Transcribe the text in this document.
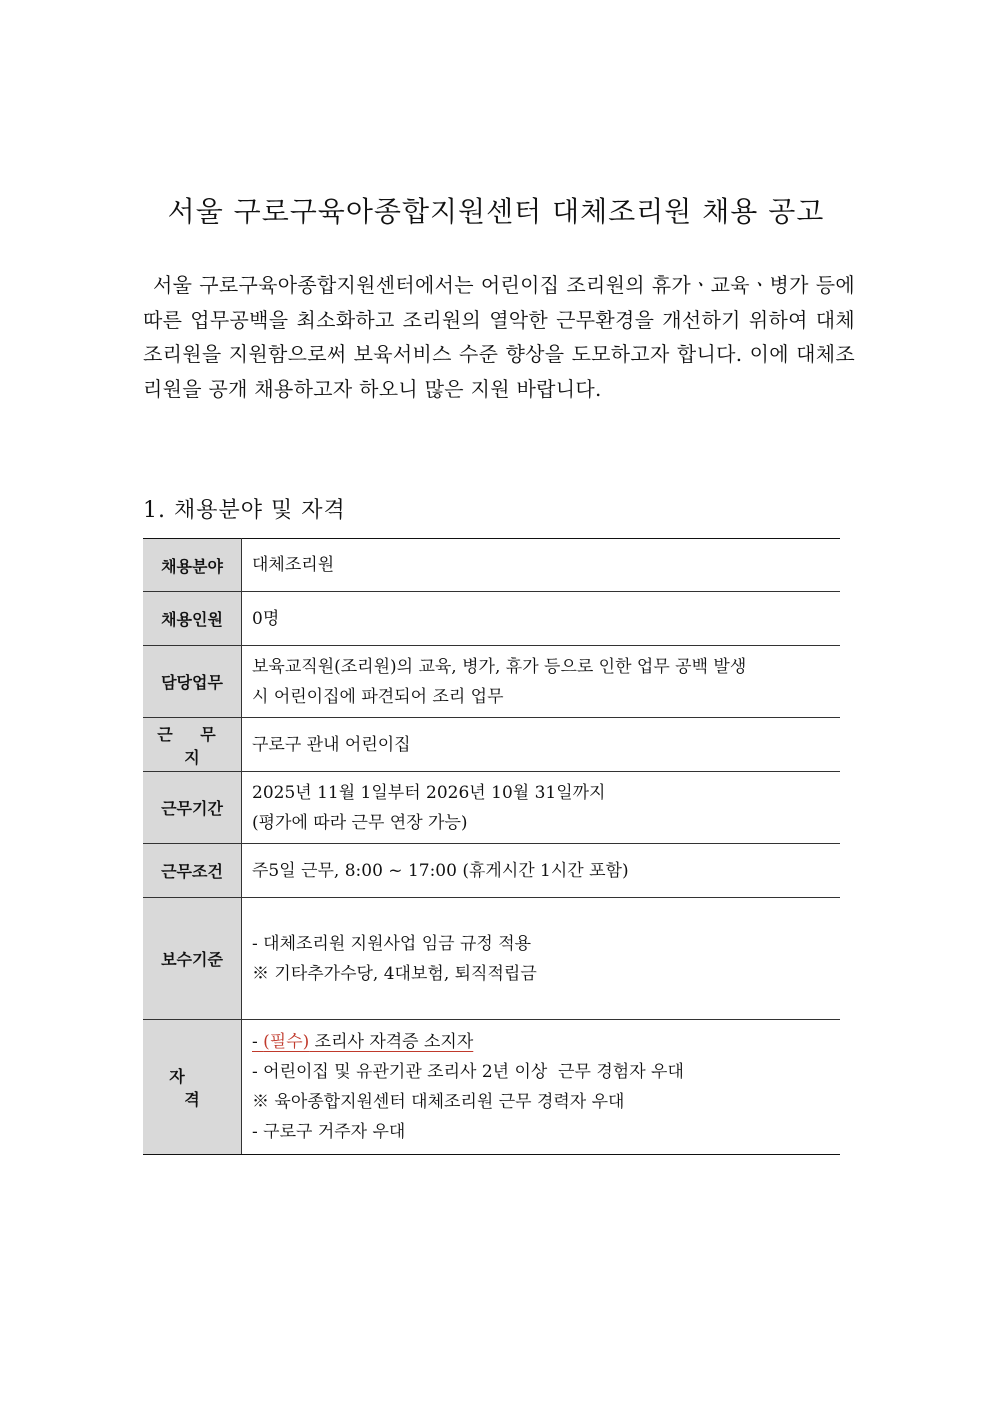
서울 구로구육아종합지원센터 대체조리원 채용 공고

서울 구로구육아종합지원센터에서는 어린이집 조리원의 휴가ㆍ교육ㆍ병가 등에 따른 업무공백을 최소화하고 조리원의 열악한 근무환경을 개선하기 위하여 대체조리원을 지원함으로써 보육서비스 수준 향상을 도모하고자 합니다. 이에 대체조리원을 공개 채용하고자 하오니 많은 지원 바랍니다.

1. 채용분야 및 자격
채용분야	대체조리원

채용인원	0명

담당업무	보육교직원(조리원)의 교육, 병가, 휴가 등으로 인한 업무 공백 발생
시 어린이집에 파견되어 조리 업무

근 무 지	구로구 관내 어린이집

근무기간	2025년 11월 1일부터 2026년 10월 31일까지
(평가에 따라 근무 연장 가능)

근무조건	주5일 근무, 8:00 ~ 17:00 (휴게시간 1시간 포함)

보수기준	- 대체조리원 지원사업 임금 규정 적용
※ 기타추가수당, 4대보험, 퇴직적립금

자 격	- (필수) 조리사 자격증 소지자
- 어린이집 및 유관기관 조리사 2년 이상  근무 경험자 우대
※ 육아종합지원센터 대체조리원 근무 경력자 우대
- 구로구 거주자 우대
